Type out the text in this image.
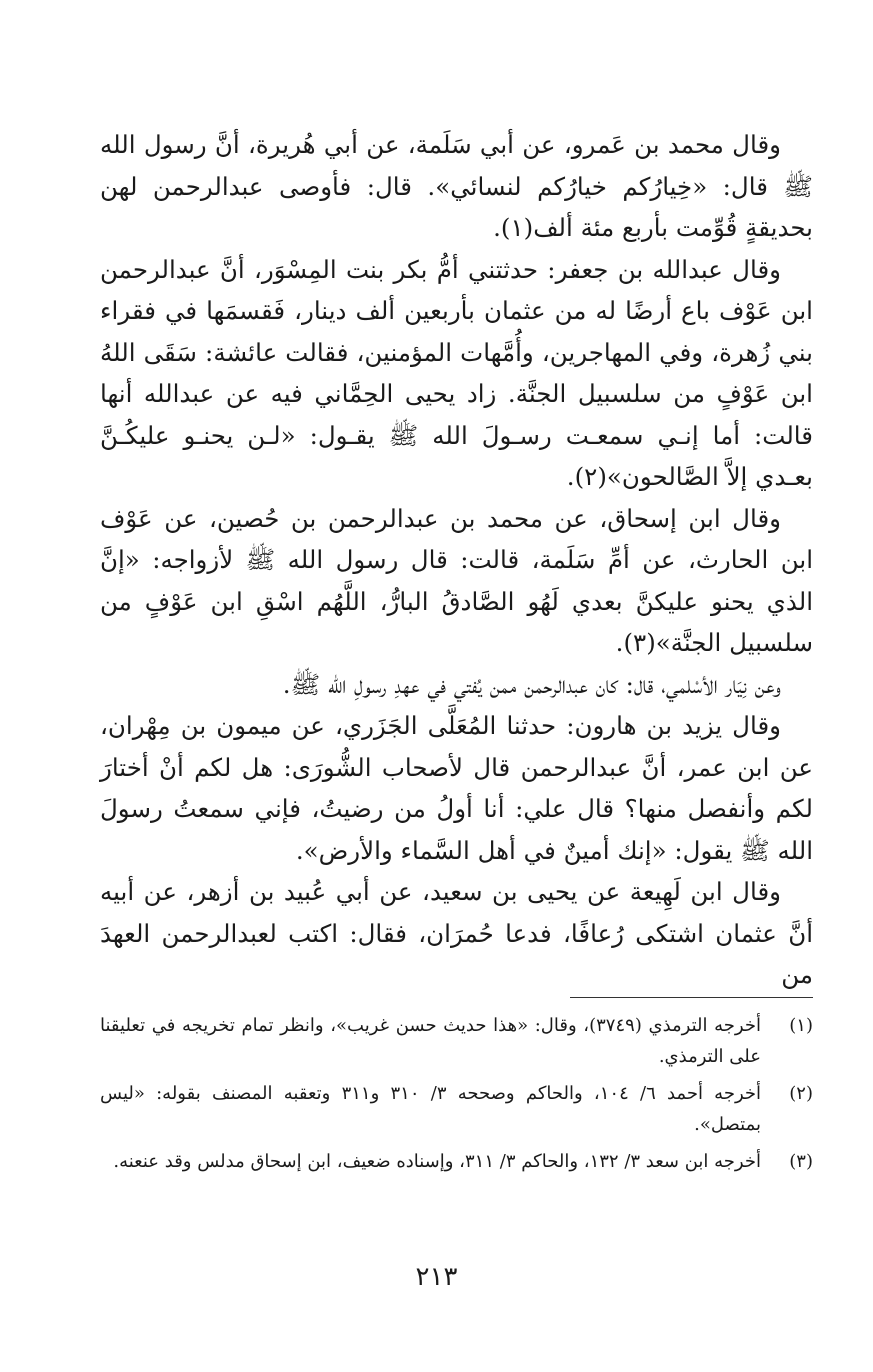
وقال محمد بن عَمرو، عن أبي سَلَمة، عن أبي هُريرة، أنَّ رسول الله ﷺ قال: «خِيارُكم خيارُكم لنسائي». قال: فأوصى عبدالرحمن لهن بحديقةٍ قُوِّمت بأربع مئة ألف(١).

وقال عبدالله بن جعفر: حدثتني أمُّ بكر بنت المِسْوَر، أنَّ عبدالرحمن ابن عَوْف باع أرضًا له من عثمان بأربعين ألف دينار، فَقسمَها في فقراء بني زُهرة، وفي المهاجرين، وأُمَّهات المؤمنين، فقالت عائشة: سَقَى اللهُ ابن عَوْفٍ من سلسبيل الجنَّة. زاد يحيى الحِمَّاني فيه عن عبدالله أنها قالت: أما إنـي سمعـت رسـولَ الله ﷺ يقـول: «لـن يحنـو عليكُـنَّ بعـدي إلاَّ الصَّالحون»(٢).

وقال ابن إسحاق، عن محمد بن عبدالرحمن بن حُصين، عن عَوْف ابن الحارث، عن أمِّ سَلَمة، قالت: قال رسول الله ﷺ لأزواجه: «إنَّ الذي يحنو عليكنَّ بعدي لَهُو الصَّادقُ البارُّ، اللَّهُم اسْقِ ابن عَوْفٍ من سلسبيل الجنَّة»(٣).

وعن نِيَار الأسْلمي، قال: كان عبدالرحمن ممن يُفتي في عهدِ رسولِ الله ﷺ.

وقال يزيد بن هارون: حدثنا المُعَلَّى الجَزَري، عن ميمون بن مِهْران، عن ابن عمر، أنَّ عبدالرحمن قال لأصحاب الشُّورَى: هل لكم أنْ أختارَ لكم وأنفصل منها؟ قال علي: أنا أولُ من رضيتُ، فإني سمعتُ رسولَ الله ﷺ يقول: «إنك أمينٌ في أهل السَّماء والأرض».

وقال ابن لَهِيعة عن يحيى بن سعيد، عن أبي عُبيد بن أزهر، عن أبيه أنَّ عثمان اشتكى رُعافًا، فدعا حُمرَان، فقال: اكتب لعبدالرحمن العهدَ من

(١)
أخرجه الترمذي (٣٧٤٩)، وقال: «هذا حديث حسن غريب»، وانظر تمام تخريجه في تعليقنا على الترمذي.
(٢)
أخرجه أحمد ٦/ ١٠٤، والحاكم وصححه ٣/ ٣١٠ و٣١١ وتعقبه المصنف بقوله: «ليس بمتصل».
(٣)
أخرجه ابن سعد ٣/ ١٣٢، والحاكم ٣/ ٣١١، وإسناده ضعيف، ابن إسحاق مدلس وقد عنعنه.
٢١٣
